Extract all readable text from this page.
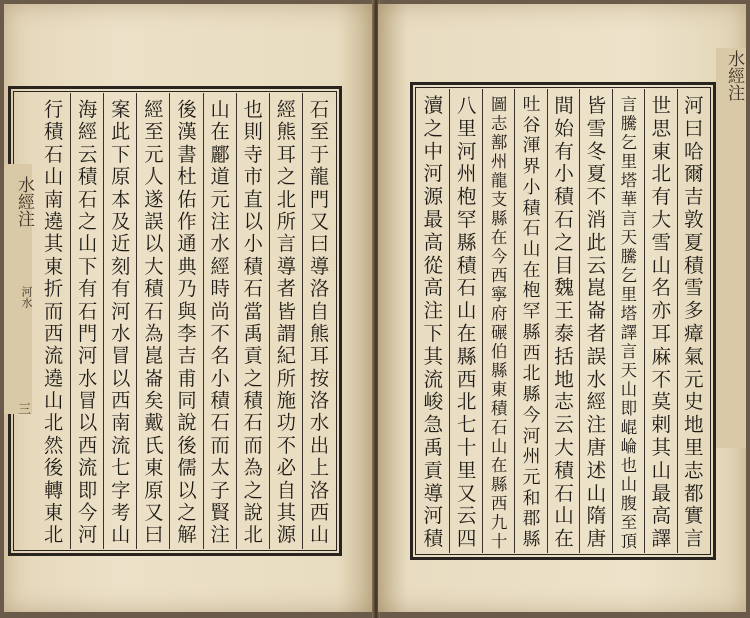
石
至
于
龍
門
又
曰
導
洛
自
熊
耳
按
洛
水
出
上
洛
西
山
經
熊
耳
之
北
所
言
導
者
皆
謂
紀
所
施
功
不
必
自
其
源
也
則
寺
市
直
以
小
積
石
當
禹
貢
之
積
石
而
為
之
說
北
山
在
酈
道
元
注
水
經
時
尚
不
名
小
積
石
而
太
子
賢
注
後
漢
書
杜
佑
作
通
典
乃
與
李
吉
甫
同
說
後
儒
以
之
解
經
至
元
人
遂
誤
以
大
積
石
為
崑
崙
矣
戴
氏
東
原
又
曰
案
此
下
原
本
及
近
刻
有
河
水
冒
以
西
南
流
七
字
考
山
海
經
云
積
石
之
山
下
有
石
門
河
水
冒
以
西
流
即
今
河
行
積
石
山
南
遶
其
東
折
而
西
流
遶
山
北
然
後
轉
東
北
水經注
河水
三
河
曰
哈
爾
吉
敦
夏
積
雪
多
瘴
氣
元
史
地
里
志
都
實
言
世
思
東
北
有
大
雪
山
名
亦
耳
麻
不
莫
剌
其
山
最
高
譯
言
騰
乞
里
塔
華
言
天
騰
乞
里
塔
譯
言
天
山
即
崐
崘
也
山
腹
至
頂
皆
雪
冬
夏
不
消
此
云
崑
崙
者
誤
水
經
注
唐
述
山
隋
唐
間
始
有
小
積
石
之
目
魏
王
泰
括
地
志
云
大
積
石
山
在
吐
谷
渾
界
小
積
石
山
在
枹
罕
縣
西
北
縣
今
河
州
元
和
郡
縣
圖
志
鄯
州
龍
支
縣
在
今
西
寧
府
碾
伯
縣
東
積
石
山
在
縣
西
九
十
八
里
河
州
枹
罕
縣
積
石
山
在
縣
西
北
七
十
里
又
云
四
瀆
之
中
河
源
最
高
從
高
注
下
其
流
峻
急
禹
貢
導
河
積
水經注
